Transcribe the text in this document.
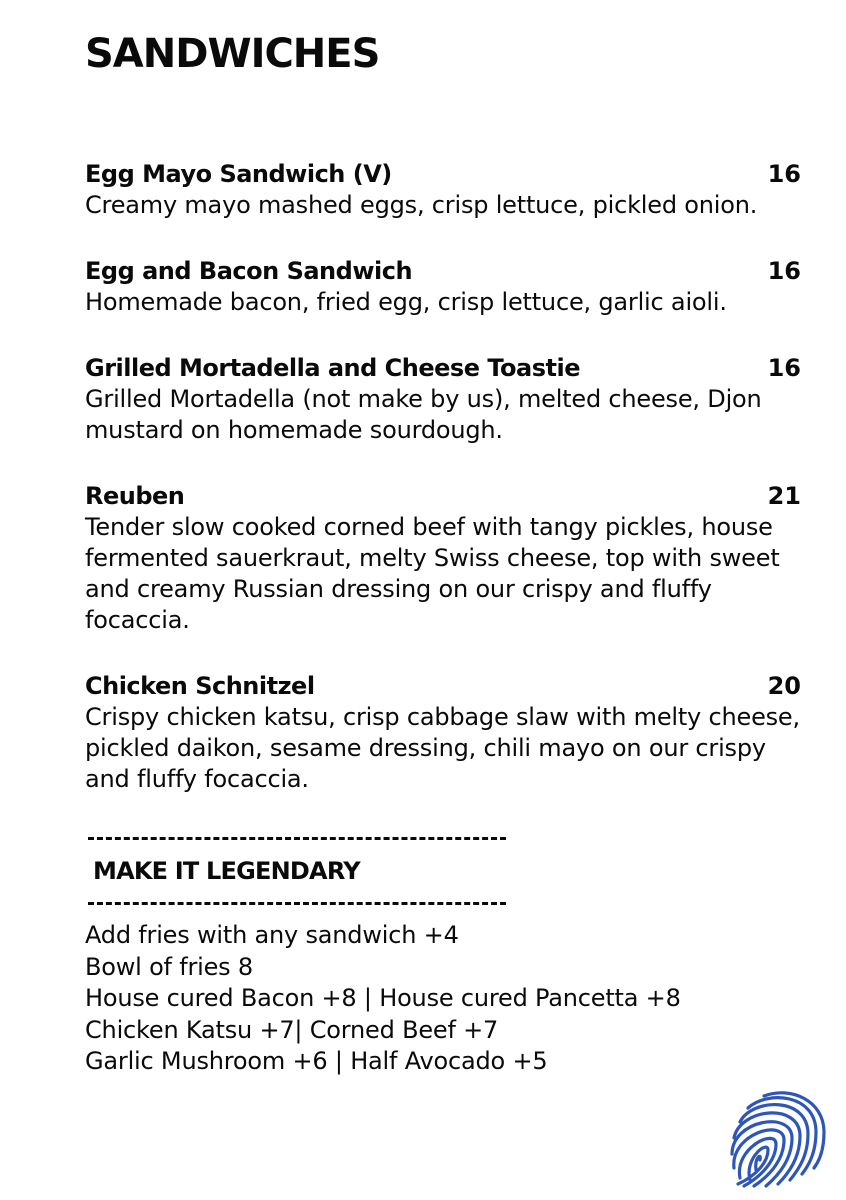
SANDWICHES
Egg Mayo Sandwich (V)	16
Creamy mayo mashed eggs, crisp lettuce, pickled onion.
Egg and Bacon Sandwich	16
Homemade bacon, fried egg, crisp lettuce, garlic aioli.
Grilled Mortadella and Cheese Toastie	16
Grilled Mortadella (not make by us), melted cheese, Djon mustard on homemade sourdough.
Reuben	21
Tender slow cooked corned beef with tangy pickles, house fermented sauerkraut, melty Swiss cheese, top with sweet and creamy Russian dressing on our crispy and fluffy focaccia.
Chicken Schnitzel	20
Crispy chicken katsu, crisp cabbage slaw with melty cheese, pickled daikon, sesame dressing, chili mayo on our crispy and fluffy focaccia.
MAKE IT LEGENDARY
Add fries with any sandwich +4
Bowl of fries 8
House cured Bacon +8 | House cured Pancetta +8
Chicken Katsu +7| Corned Beef +7
Garlic Mushroom +6 | Half Avocado +5
